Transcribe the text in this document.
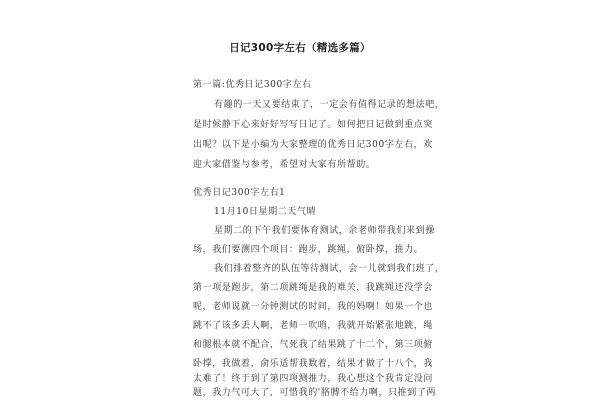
日记300字左右（精选多篇）
第一篇:优秀日记300字左右
有趣的一天又要结束了，一定会有值得记录的想法吧，
是时候静下心来好好写写日记了。如何把日记做到重点突
出呢？以下是小编为大家整理的优秀日记300字左右，欢
迎大家借鉴与参考，希望对大家有所帮助。
优秀日记300字左右1
11月10日星期二天气晴
星期二的下午我们要体育测试，余老师带我们来到操
场，我们要测四个项目：跑步，跳绳，俯卧撑，推力。
我们排着整齐的队伍等待测试，会一儿就到我们班了，
第一项是跑步，第二项跳绳是我的难关，我跳绳还没学会
呢，老师说就一分钟测试的时间，我的妈啊！如果一个也
跳不了该多丢人啊，老师一吹哨，我就开始紧张地跳，绳
和腿根本就不配合，气死我了结果跳了十二个，第三项俯
卧撑，我做着，俞乐适帮我数着，结果才做了十八个，我
太难了！终于到了第四项测推力，我心想这个我肯定没问
题，我力气可大了，可惜我的'胳膊不给力啊，只推到了两
